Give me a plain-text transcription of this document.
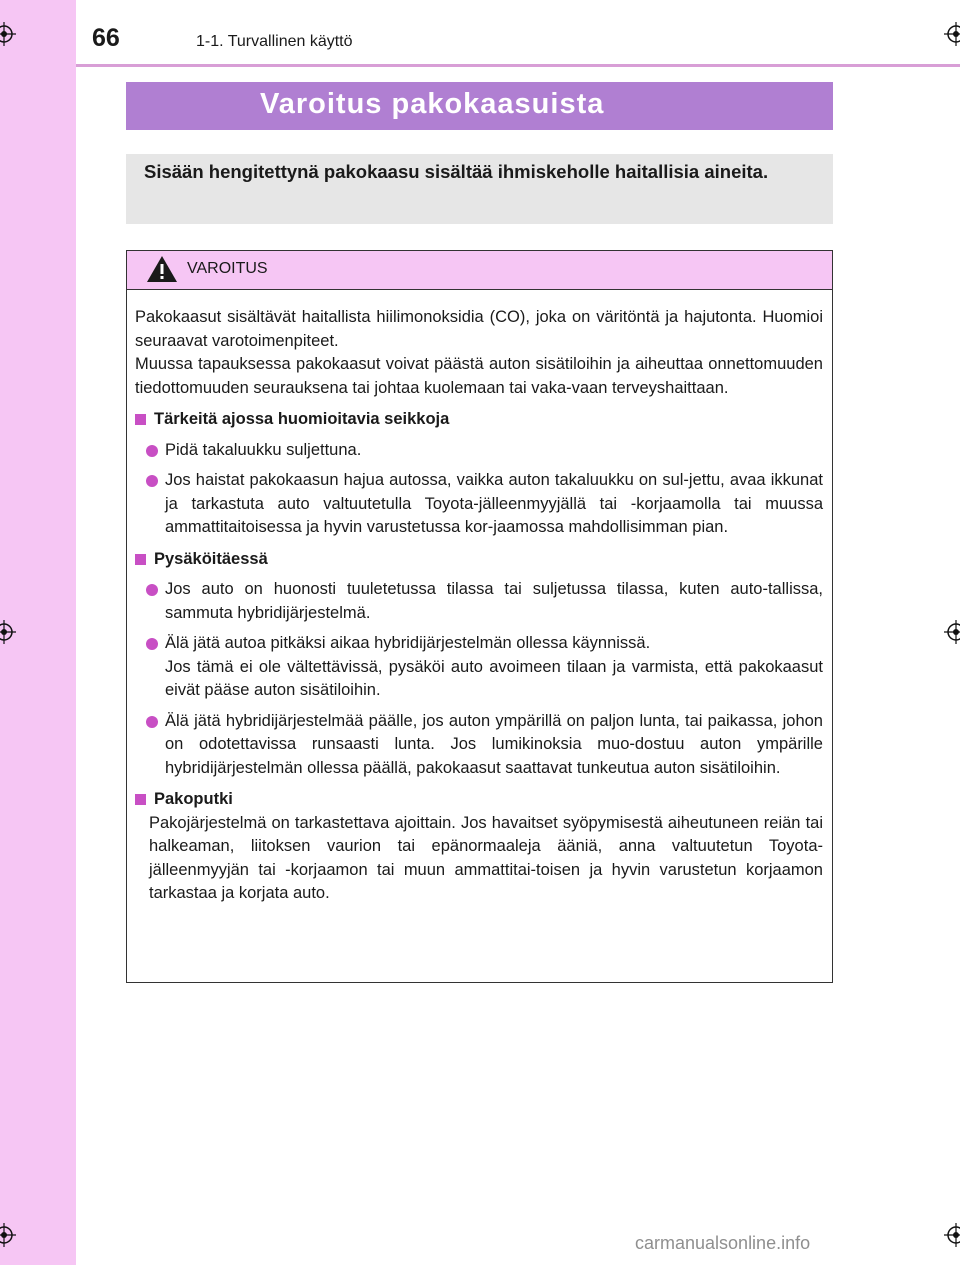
66	1-1. Turvallinen käyttö
Varoitus pakokaasuista
Sisään hengitettynä pakokaasu sisältää ihmiskeholle haitallisia aineita.
VAROITUS

Pakokaasut sisältävät haitallista hiilimonoksidia (CO), joka on väritöntä ja hajutonta. Huomioi seuraavat varotoimenpiteet.

Muussa tapauksessa pakokaasut voivat päästä auton sisätiloihin ja aiheuttaa onnettomuuden tiedottomuuden seurauksena tai johtaa kuolemaan tai vaka-vaan terveyshaittaan.

Tärkeitä ajossa huomioitavia seikkoja

Pidä takaluukku suljettuna.
Jos haistat pakokaasun hajua autossa, vaikka auton takaluukku on sul-jettu, avaa ikkunat ja tarkastuta auto valtuutetulla Toyota-jälleenmyyjällä tai -korjaamolla tai muussa ammattitaitoisessa ja hyvin varustetussa kor-jaamossa mahdollisimman pian.

Pysäköitäessä

Jos auto on huonosti tuuletetussa tilassa tai suljetussa tilassa, kuten auto-tallissa, sammuta hybridijärjestelmä.
Älä jätä autoa pitkäksi aikaa hybridijärjestelmän ollessa käynnissä.
Jos tämä ei ole vältettävissä, pysäköi auto avoimeen tilaan ja varmista, että pakokaasut eivät pääse auton sisätiloihin.
Älä jätä hybridijärjestelmää päälle, jos auton ympärillä on paljon lunta, tai paikassa, johon on odotettavissa runsaasti lunta. Jos lumikinoksia muo-dostuu auton ympärille hybridijärjestelmän ollessa päällä, pakokaasut saattavat tunkeutua auton sisätiloihin.

Pakoputki

Pakojärjestelmä on tarkastettava ajoittain. Jos havaitset syöpymisestä aiheutuneen reiän tai halkeaman, liitoksen vaurion tai epänormaaleja ääniä, anna valtuutetun Toyota-jälleenmyyjän tai -korjaamon tai muun ammattitai-toisen ja hyvin varustetun korjaamon tarkastaa ja korjata auto.

carmanualsonline.info
